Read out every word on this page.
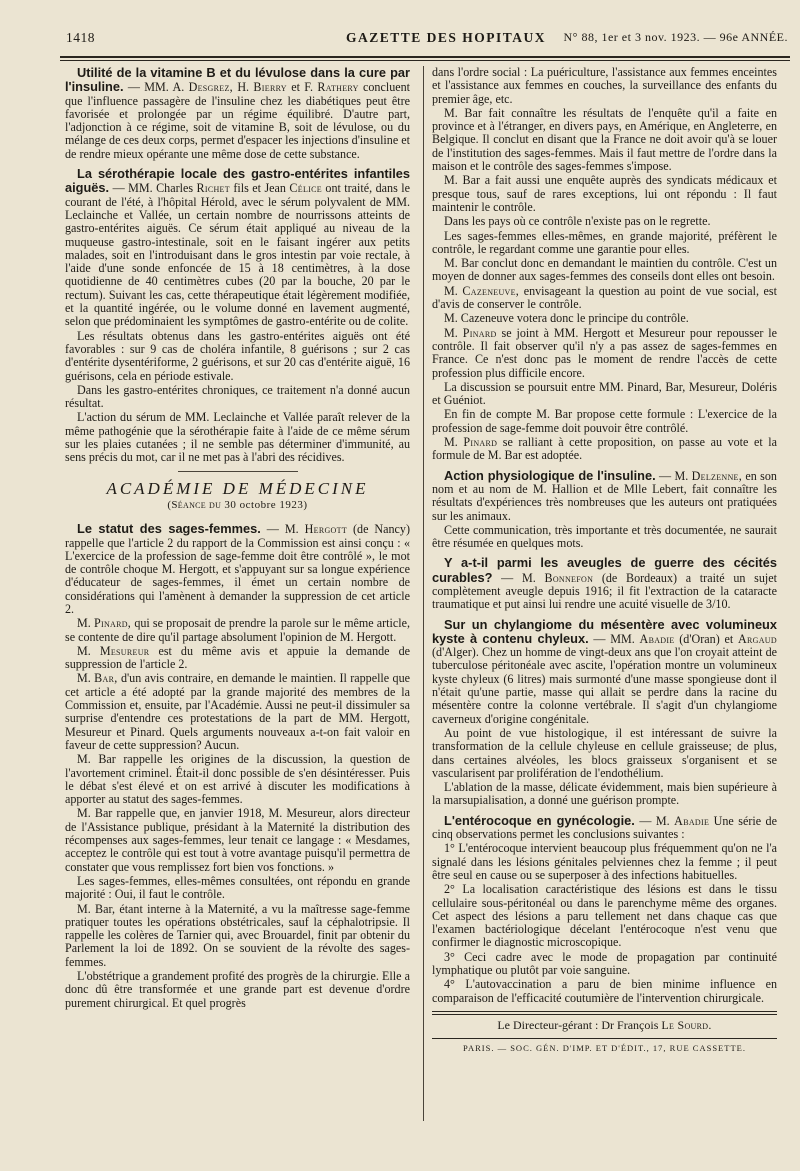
1418	GAZETTE DES HOPITAUX N° 88, 1er et 3 nov. 1923. — 96e ANNÉE.

Utilité de la vitamine B et du lévulose dans la cure par l'insuline. — MM. A. Desgrez, H. Bierry et F. Rathery concluent que l'influence passagère de l'insuline chez les diabétiques peut être favorisée et prolongée par un régime équilibré. D'autre part, l'adjonction à ce régime, soit de vitamine B, soit de lévulose, ou du mélange de ces deux corps, permet d'espacer les injections d'insuline et de rendre mieux opérante une même dose de cette substance.

La sérothérapie locale des gastro-entérites infantiles aiguës. — MM. Charles Richet fils et Jean Célice ont traité, dans le courant de l'été, à l'hôpital Hérold, avec le sérum polyvalent de MM. Leclainche et Vallée, un certain nombre de nourrissons atteints de gastro-entérites aiguës. Ce sérum était appliqué au niveau de la muqueuse gastro-intestinale, soit en le faisant ingérer aux petits malades, soit en l'introduisant dans le gros intestin par voie rectale, à l'aide d'une sonde enfoncée de 15 à 18 centimètres, à la dose quotidienne de 40 centimètres cubes (20 par la bouche, 20 par le rectum). Suivant les cas, cette thérapeutique était légèrement modifiée, et la quantité ingérée, ou le volume donné en lavement augmenté, selon que prédominaient les symptômes de gastro-entérite ou de colite.

Les résultats obtenus dans les gastro-entérites aiguës ont été favorables : sur 9 cas de choléra infantile, 8 guérisons ; sur 2 cas d'entérite dysentériforme, 2 guérisons, et sur 20 cas d'entérite aiguë, 16 guérisons, cela en période estivale.

Dans les gastro-entérites chroniques, ce traitement n'a donné aucun résultat.

L'action du sérum de MM. Leclainche et Vallée paraît relever de la même pathogénie que la sérothérapie faite à l'aide de ce même sérum sur les plaies cutanées ; il ne semble pas déterminer d'immunité, au sens précis du mot, car il ne met pas à l'abri des récidives.

ACADÉMIE DE MÉDECINE
(Séance du 30 octobre 1923)

Le statut des sages-femmes. — M. Hergott (de Nancy) rappelle que l'article 2 du rapport de la Commission est ainsi conçu : « L'exercice de la profession de sage-femme doit être contrôlé », le mot de contrôle choque M. Hergott, et s'appuyant sur sa longue expérience d'éducateur de sages-femmes, il émet un certain nombre de considérations qui l'amènent à demander la suppression de cet article 2.

M. Pinard, qui se proposait de prendre la parole sur le même article, se contente de dire qu'il partage absolument l'opinion de M. Hergott.

M. Mesureur est du même avis et appuie la demande de suppression de l'article 2.

M. Bar, d'un avis contraire, en demande le maintien. Il rappelle que cet article a été adopté par la grande majorité des membres de la Commission et, ensuite, par l'Académie. Aussi ne peut-il dissimuler sa surprise d'entendre ces protestations de la part de MM. Hergott, Mesureur et Pinard. Quels arguments nouveaux a-t-on fait valoir en faveur de cette suppression? Aucun.

M. Bar rappelle les origines de la discussion, la question de l'avortement criminel. Était-il donc possible de s'en désintéresser. Puis le débat s'est élevé et on est arrivé à discuter les modifications à apporter au statut des sages-femmes.

M. Bar rappelle que, en janvier 1918, M. Mesureur, alors directeur de l'Assistance publique, présidant à la Maternité la distribution des récompenses aux sages-femmes, leur tenait ce langage : « Mesdames, acceptez le contrôle qui est tout à votre avantage puisqu'il permettra de constater que vous remplissez fort bien vos fonctions. »

Les sages-femmes, elles-mêmes consultées, ont répondu en grande majorité : Oui, il faut le contrôle.

M. Bar, étant interne à la Maternité, a vu la maîtresse sage-femme pratiquer toutes les opérations obstétricales, sauf la céphalotripsie. Il rappelle les colères de Tarnier qui, avec Brouardel, finit par obtenir du Parlement la loi de 1892. On se souvient de la révolte des sages-femmes.

L'obstétrique a grandement profité des progrès de la chirurgie. Elle a donc dû être transformée et une grande part est devenue d'ordre purement chirurgical. Et quel progrès

dans l'ordre social : La puériculture, l'assistance aux femmes enceintes et l'assistance aux femmes en couches, la surveillance des enfants du premier âge, etc.

M. Bar fait connaître les résultats de l'enquête qu'il a faite en province et à l'étranger, en divers pays, en Amérique, en Angleterre, en Belgique. Il conclut en disant que la France ne doit avoir qu'à se louer de l'institution des sages-femmes. Mais il faut mettre de l'ordre dans la maison et le contrôle des sages-femmes s'impose.

M. Bar a fait aussi une enquête auprès des syndicats médicaux et presque tous, sauf de rares exceptions, lui ont répondu : Il faut maintenir le contrôle.

Dans les pays où ce contrôle n'existe pas on le regrette.

Les sages-femmes elles-mêmes, en grande majorité, préfèrent le contrôle, le regardant comme une garantie pour elles.

M. Bar conclut donc en demandant le maintien du contrôle. C'est un moyen de donner aux sages-femmes des conseils dont elles ont besoin.

M. Cazeneuve, envisageant la question au point de vue social, est d'avis de conserver le contrôle.

M. Cazeneuve votera donc le principe du contrôle.

M. Pinard se joint à MM. Hergott et Mesureur pour repousser le contrôle. Il fait observer qu'il n'y a pas assez de sages-femmes en France. Ce n'est donc pas le moment de rendre l'accès de cette profession plus difficile encore.

La discussion se poursuit entre MM. Pinard, Bar, Mesureur, Doléris et Guéniot.

En fin de compte M. Bar propose cette formule : L'exercice de la profession de sage-femme doit pouvoir être contrôlé.

M. Pinard se ralliant à cette proposition, on passe au vote et la formule de M. Bar est adoptée.

Action physiologique de l'insuline. — M. Delzenne, en son nom et au nom de M. Hallion et de Mlle Lebert, fait connaître les résultats d'expériences très nombreuses que les auteurs ont pratiquées sur les animaux.

Cette communication, très importante et très documentée, ne saurait être résumée en quelques mots.

Y a-t-il parmi les aveugles de guerre des cécités curables? — M. Bonnefon (de Bordeaux) a traité un sujet complètement aveugle depuis 1916; il fit l'extraction de la cataracte traumatique et put ainsi lui rendre une acuité visuelle de 3/10.

Sur un chylangiome du mésentère avec volumineux kyste à contenu chyleux. — MM. Abadie (d'Oran) et Argaud (d'Alger). Chez un homme de vingt-deux ans que l'on croyait atteint de tuberculose péritonéale avec ascite, l'opération montre un volumineux kyste chyleux (6 litres) mais surmonté d'une masse spongieuse dont il n'était qu'une partie, masse qui allait se perdre dans la racine du mésentère contre la colonne vertébrale. Il s'agit d'un chylangiome caverneux d'origine congénitale.

Au point de vue histologique, il est intéressant de suivre la transformation de la cellule chyleuse en cellule graisseuse; de plus, dans certaines alvéoles, les blocs graisseux s'organisent et se vascularisent par prolifération de l'endothélium.

L'ablation de la masse, délicate évidemment, mais bien supérieure à la marsupialisation, a donné une guérison prompte.

L'entérocoque en gynécologie. — M. Abadie Une série de cinq observations permet les conclusions suivantes :

1° L'entérocoque intervient beaucoup plus fréquemment qu'on ne l'a signalé dans les lésions génitales pelviennes chez la femme ; il peut être seul en cause ou se superposer à des infections habituelles.

2° La localisation caractéristique des lésions est dans le tissu cellulaire sous-péritonéal ou dans le parenchyme même des organes. Cet aspect des lésions a paru tellement net dans chaque cas que l'examen bactériologique décelant l'entérocoque n'est venu que confirmer le diagnostic microscopique.

3° Ceci cadre avec le mode de propagation par continuité lymphatique ou plutôt par voie sanguine.

4° L'autovaccination a paru de bien minime influence en comparaison de l'efficacité coutumière de l'intervention chirurgicale.

Le Directeur-gérant : Dr François Le Sourd.
PARIS. — SOC. GÉN. D'IMP. ET D'ÉDIT., 17, RUE CASSETTE.
